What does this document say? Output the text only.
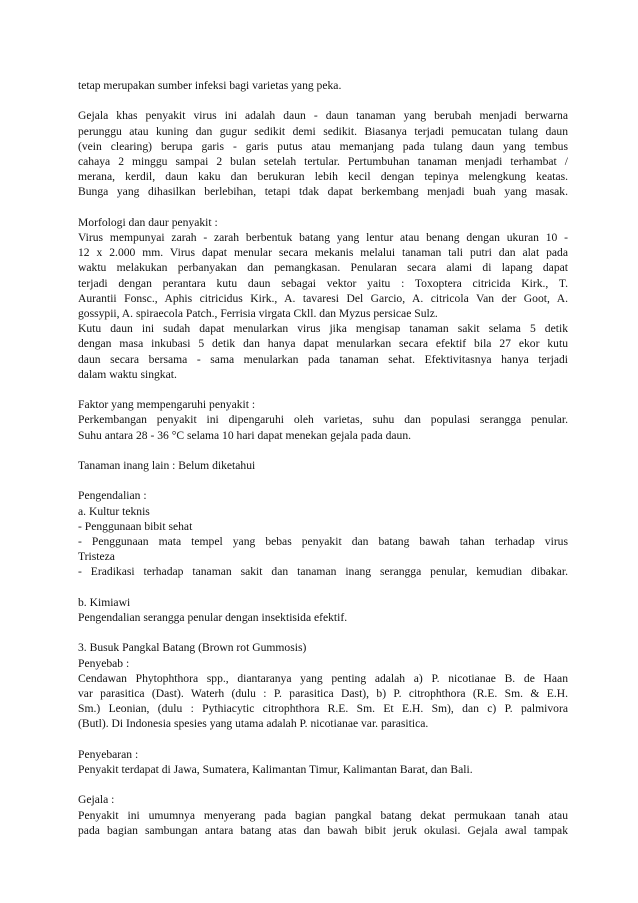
tetap merupakan sumber infeksi bagi varietas yang peka.
Gejala khas penyakit virus ini adalah daun - daun tanaman yang berubah menjadi berwarna
perunggu atau kuning dan gugur sedikit demi sedikit. Biasanya terjadi pemucatan tulang daun
(vein clearing) berupa garis - garis putus atau memanjang pada tulang daun yang tembus
cahaya 2 minggu sampai 2 bulan setelah tertular. Pertumbuhan tanaman menjadi terhambat /
merana, kerdil, daun kaku dan berukuran lebih kecil dengan tepinya melengkung keatas.
Bunga yang dihasilkan berlebihan, tetapi tdak dapat berkembang menjadi buah yang masak.
Morfologi dan daur penyakit :
Virus mempunyai zarah - zarah berbentuk batang yang lentur atau benang dengan ukuran 10 -
12 x 2.000 mm. Virus dapat menular secara mekanis melalui tanaman tali putri dan alat pada
waktu melakukan perbanyakan dan pemangkasan. Penularan secara alami di lapang dapat
terjadi dengan perantara kutu daun sebagai vektor yaitu : Toxoptera citricida Kirk., T.
Aurantii Fonsc., Aphis citricidus Kirk., A. tavaresi Del Garcio, A. citricola Van der Goot, A.
gossypii, A. spiraecola Patch., Ferrisia virgata Ckll. dan Myzus persicae Sulz.
Kutu daun ini sudah dapat menularkan virus jika mengisap tanaman sakit selama 5 detik
dengan masa inkubasi 5 detik dan hanya dapat menularkan secara efektif bila 27 ekor kutu
daun secara bersama - sama menularkan pada tanaman sehat. Efektivitasnya hanya terjadi
dalam waktu singkat.
Faktor yang mempengaruhi penyakit :
Perkembangan penyakit ini dipengaruhi oleh varietas, suhu dan populasi serangga penular.
Suhu antara 28 - 36 °C selama 10 hari dapat menekan gejala pada daun.
Tanaman inang lain : Belum diketahui
Pengendalian :
a. Kultur teknis
- Penggunaan bibit sehat
- Penggunaan mata tempel yang bebas penyakit dan batang bawah tahan terhadap virus
Tristeza
- Eradikasi terhadap tanaman sakit dan tanaman inang serangga penular, kemudian dibakar.
b. Kimiawi
Pengendalian serangga penular dengan insektisida efektif.
3. Busuk Pangkal Batang (Brown rot Gummosis)
Penyebab :
Cendawan Phytophthora spp., diantaranya yang penting adalah a) P. nicotianae B. de Haan
var parasitica (Dast). Waterh (dulu : P. parasitica Dast), b) P. citrophthora (R.E. Sm. & E.H.
Sm.) Leonian, (dulu : Pythiacytic citrophthora R.E. Sm. Et E.H. Sm), dan c) P. palmivora
(Butl). Di Indonesia spesies yang utama adalah P. nicotianae var. parasitica.
Penyebaran :
Penyakit terdapat di Jawa, Sumatera, Kalimantan Timur, Kalimantan Barat, dan Bali.
Gejala :
Penyakit ini umumnya menyerang pada bagian pangkal batang dekat permukaan tanah atau
pada bagian sambungan antara batang atas dan bawah bibit jeruk okulasi. Gejala awal tampak
